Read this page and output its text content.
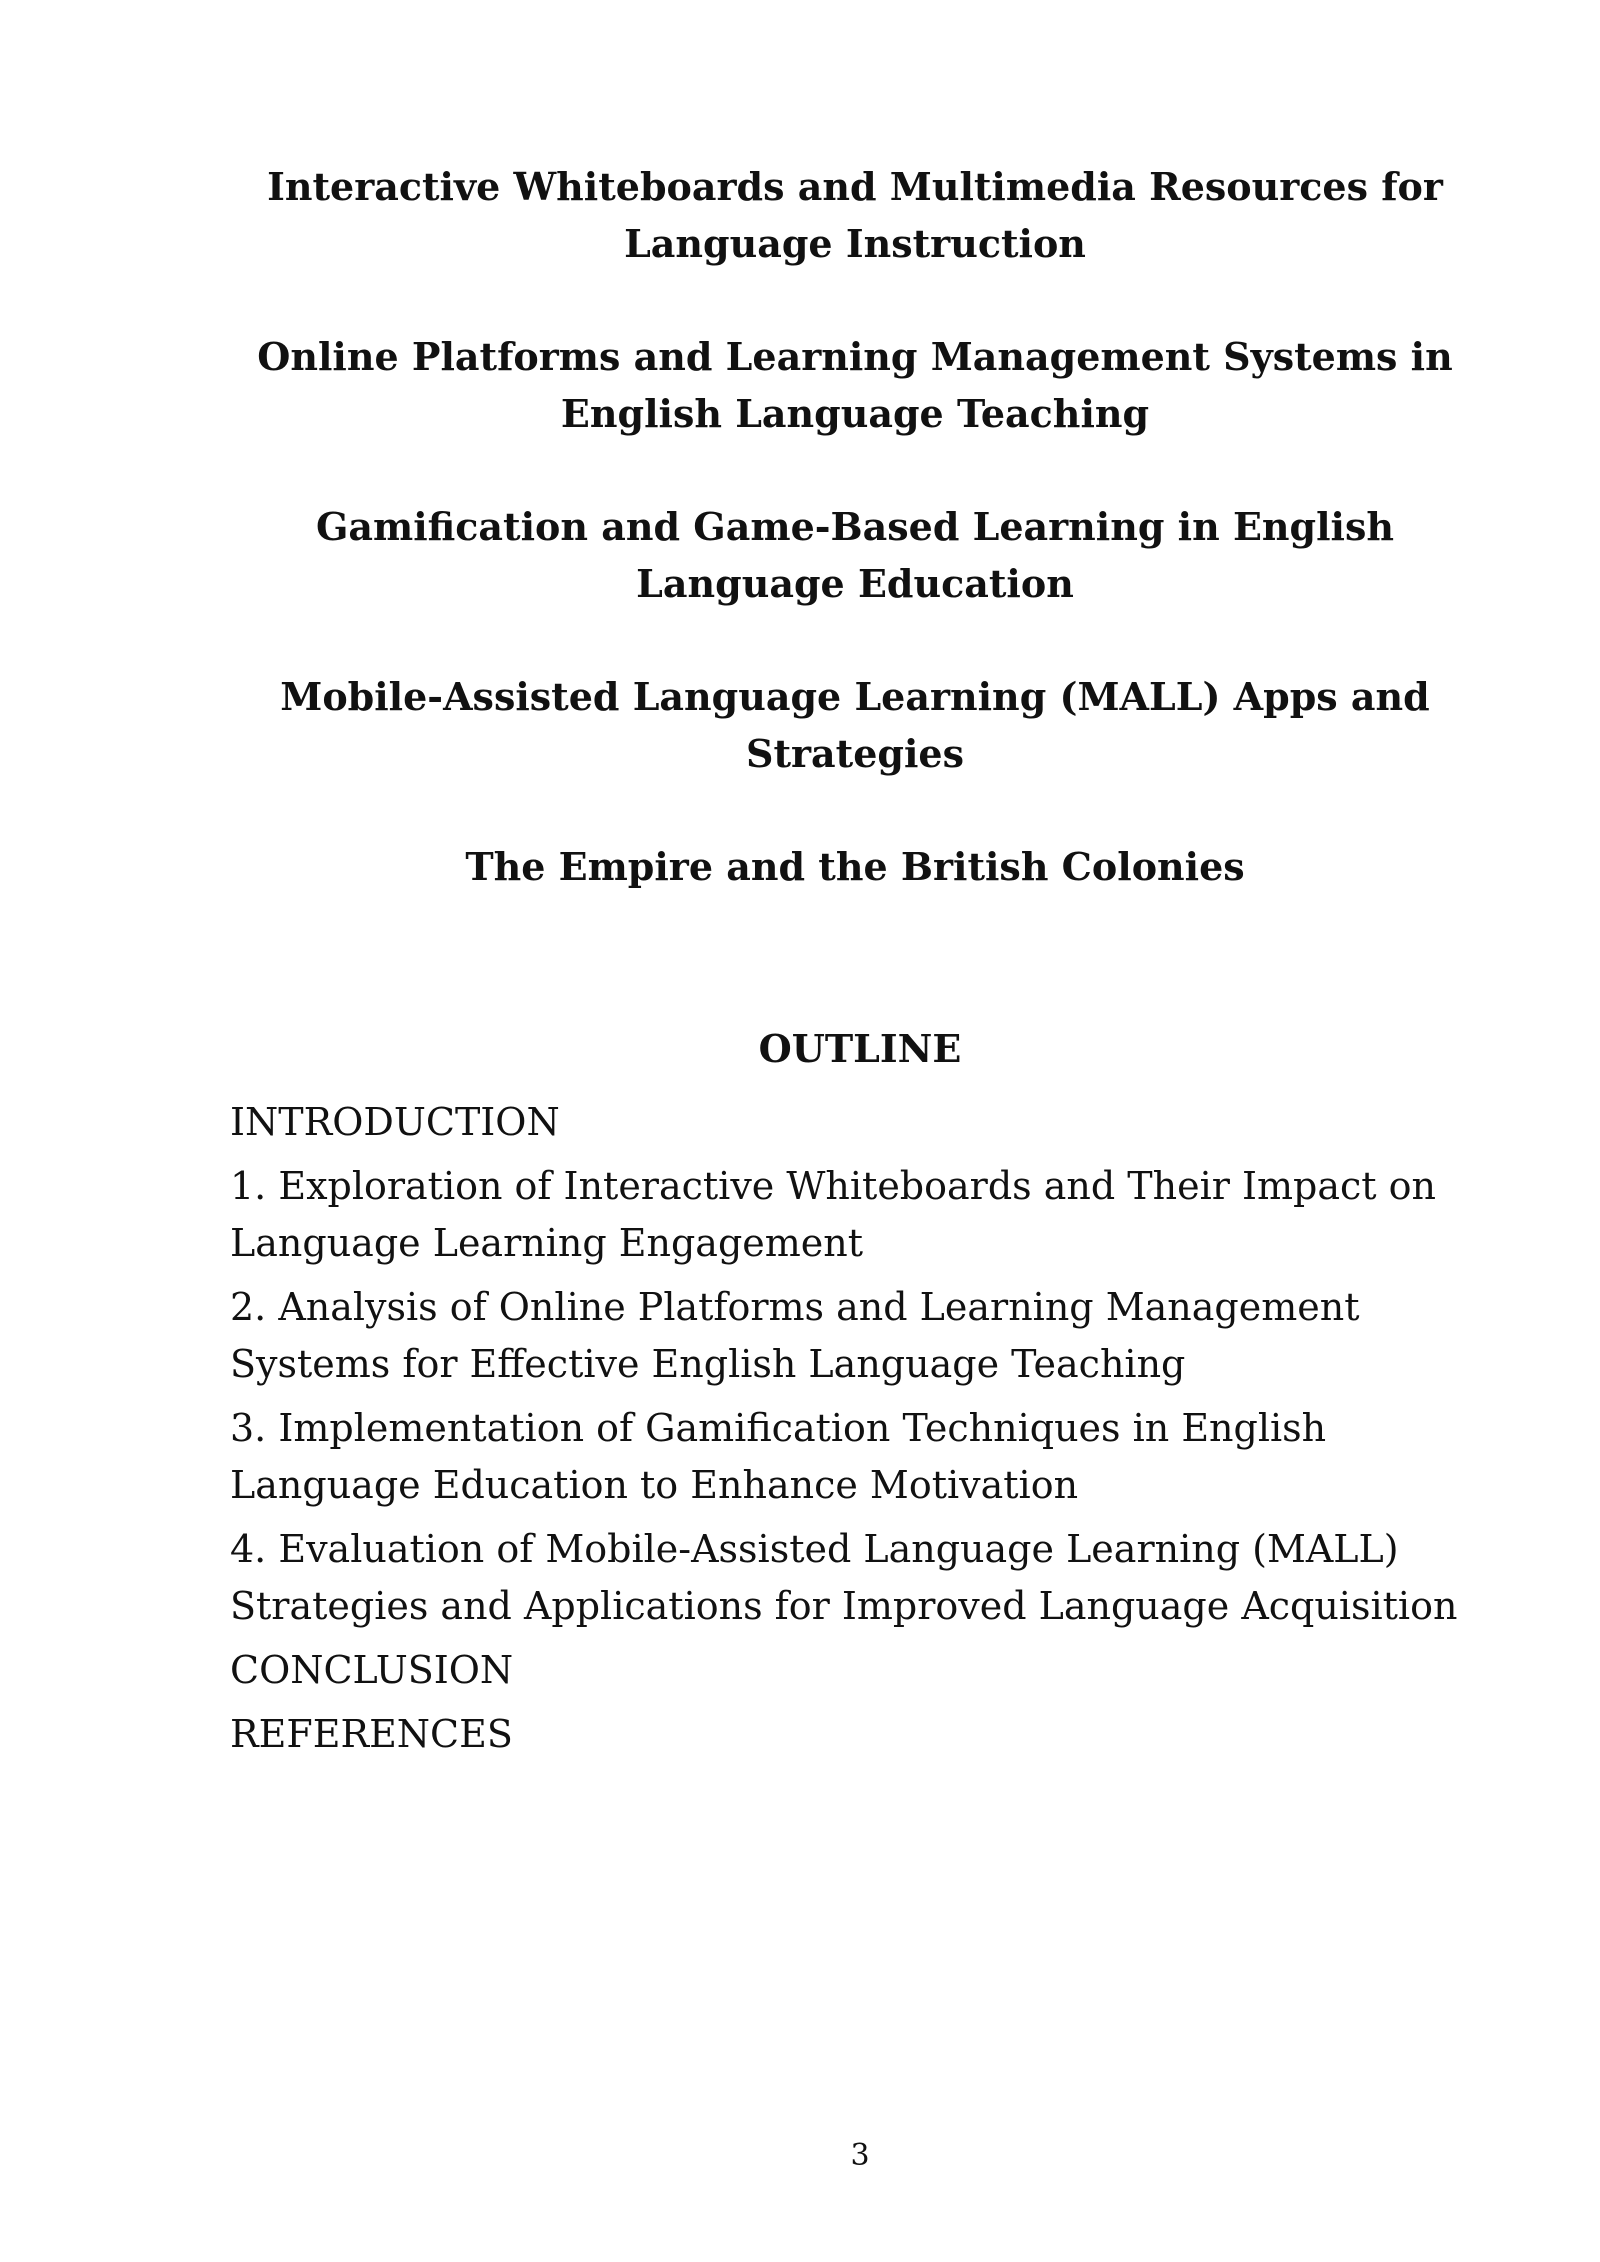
Interactive Whiteboards and Multimedia Resources for Language Instruction
Online Platforms and Learning Management Systems in English Language Teaching
Gamification and Game-Based Learning in English Language Education
Mobile-Assisted Language Learning (MALL) Apps and Strategies
The Empire and the British Colonies
OUTLINE
INTRODUCTION
1. Exploration of Interactive Whiteboards and Their Impact on Language Learning Engagement
2. Analysis of Online Platforms and Learning Management Systems for Effective English Language Teaching
3. Implementation of Gamification Techniques in English Language Education to Enhance Motivation
4. Evaluation of Mobile-Assisted Language Learning (MALL) Strategies and Applications for Improved Language Acquisition
CONCLUSION
REFERENCES
3
